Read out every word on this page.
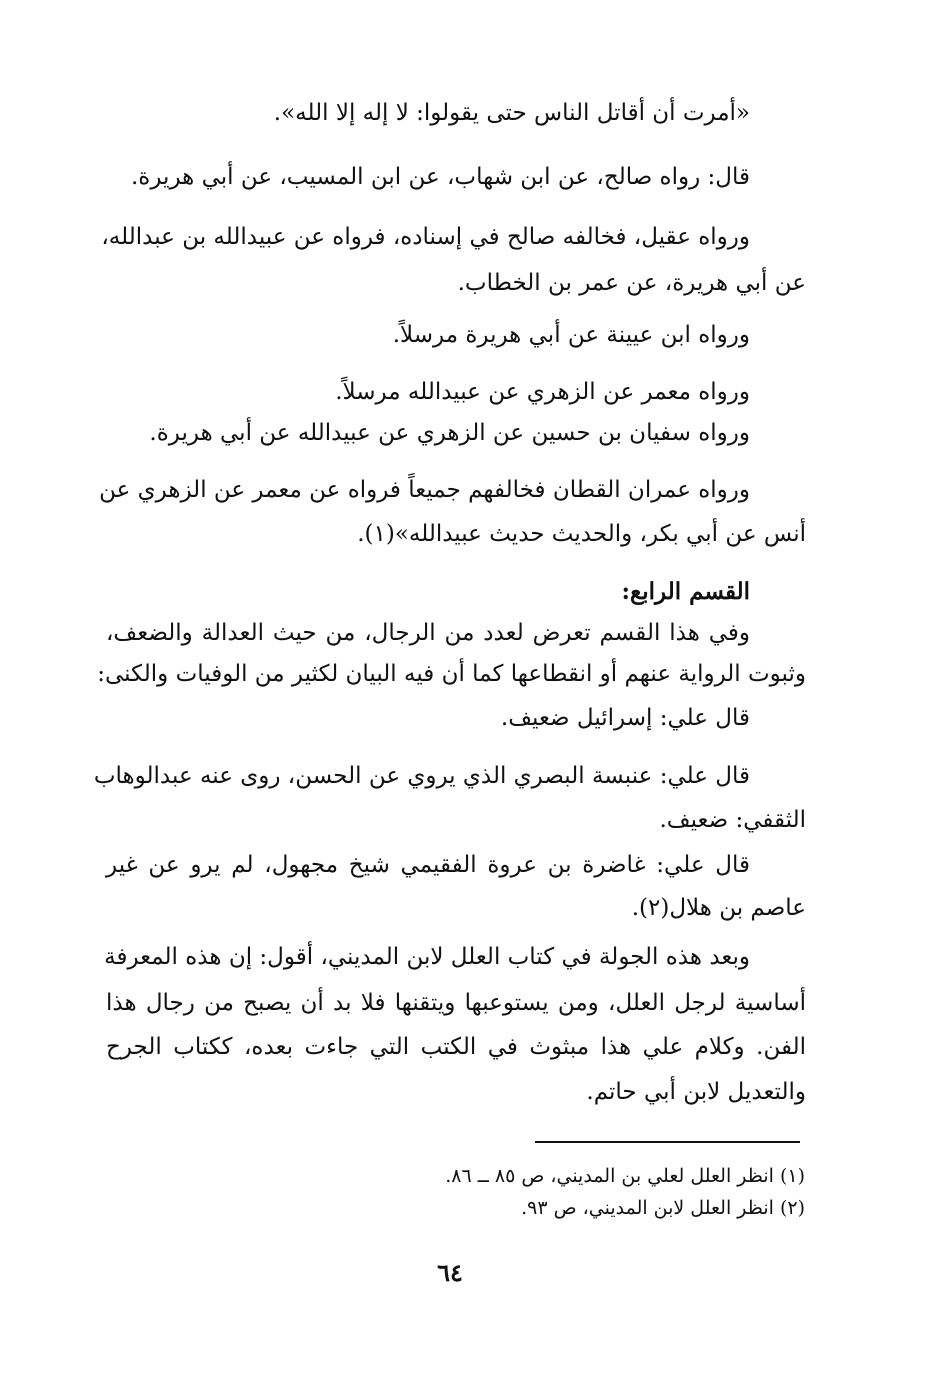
«أمرت أن أقاتل الناس حتى يقولوا: لا إله إلا الله».
قال: رواه صالح، عن ابن شهاب، عن ابن المسيب، عن أبي هريرة.
ورواه عقيل، فخالفه صالح في إسناده، فرواه عن عبيدالله بن عبدالله،
عن أبي هريرة، عن عمر بن الخطاب.
ورواه ابن عيينة عن أبي هريرة مرسلاً.
ورواه معمر عن الزهري عن عبيدالله مرسلاً.
ورواه سفيان بن حسين عن الزهري عن عبيدالله عن أبي هريرة.
ورواه عمران القطان فخالفهم جميعاً فرواه عن معمر عن الزهري عن
أنس عن أبي بكر، والحديث حديث عبيدالله»(١).
القسم الرابع:
وفي هذا القسم تعرض لعدد من الرجال، من حيث العدالة والضعف،
وثبوت الرواية عنهم أو انقطاعها كما أن فيه البيان لكثير من الوفيات والكنى:
قال علي: إسرائيل ضعيف.
قال علي: عنبسة البصري الذي يروي عن الحسن، روى عنه عبدالوهاب
الثقفي: ضعيف.
قال علي: غاضرة بن عروة الفقيمي شيخ مجهول، لم يرو عن غير
عاصم بن هلال(٢).
وبعد هذه الجولة في كتاب العلل لابن المديني، أقول: إن هذه المعرفة
أساسية لرجل العلل، ومن يستوعبها ويتقنها فلا بد أن يصبح من رجال هذا
الفن. وكلام علي هذا مبثوث في الكتب التي جاءت بعده، ككتاب الجرح
والتعديل لابن أبي حاتم.
(١) انظر العلل لعلي بن المديني، ص ٨٥ ــ ٨٦.
(٢) انظر العلل لابن المديني، ص ٩٣.
٦٤
